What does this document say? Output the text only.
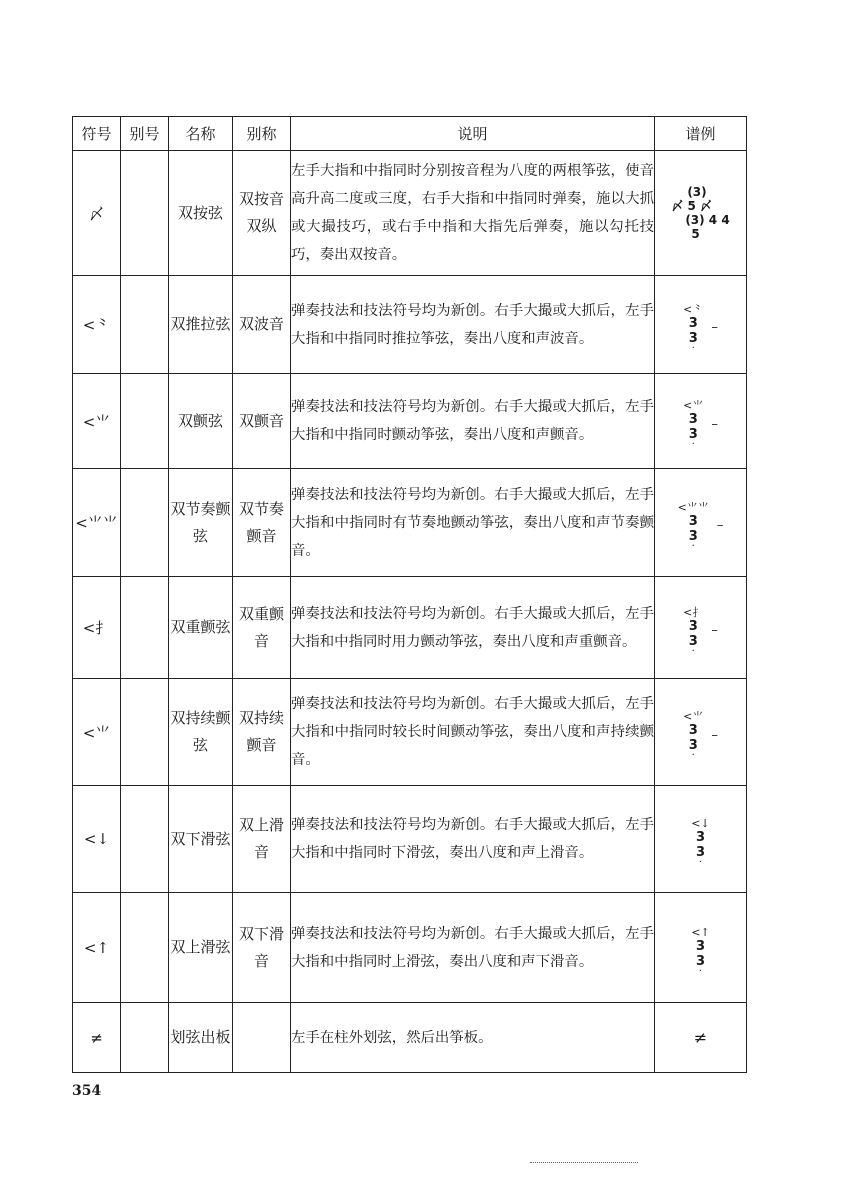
符号	别号	名称	别称	说明	谱例
〆		双按弦	双按音 双纵	左手大指和中指同时分别按音程为八度的两根筝弦，使音高升高二度或三度，右手大指和中指同时弹奏，施以大抓或大撮技巧，或右手中指和大指先后弹奏，施以勾托技巧，奏出双按音。	(3)
〆 5 〆
(3) 4 4
5

<⺀		双推拉弦	双波音	弹奏技法和技法符号均为新创。右手大撮或大抓后，左手大指和中指同时推拉筝弦，奏出八度和声波音。	<⺀
3
3
·
–

<⺌		双颤弦	双颤音	弹奏技法和技法符号均为新创。右手大撮或大抓后，左手大指和中指同时颤动筝弦，奏出八度和声颤音。	<⺌
3
3
·
–

<⺌⺌		双节奏颤弦	双节奏颤音	弹奏技法和技法符号均为新创。右手大撮或大抓后，左手大指和中指同时有节奏地颤动筝弦，奏出八度和声节奏颤音。	<⺌⺌
3
3
·
–

<⺘		双重颤弦	双重颤音	弹奏技法和技法符号均为新创。右手大撮或大抓后，左手大指和中指同时用力颤动筝弦，奏出八度和声重颤音。	<⺘
3
3
·
–

<⺌		双持续颤弦	双持续颤音	弹奏技法和技法符号均为新创。右手大撮或大抓后，左手大指和中指同时较长时间颤动筝弦，奏出八度和声持续颤音。	<⺌
3
3
·
–

<↓		双下滑弦	双上滑音	弹奏技法和技法符号均为新创。右手大撮或大抓后，左手大指和中指同时下滑弦，奏出八度和声上滑音。	<↓
3
3
·

<↑		双上滑弦	双下滑音	弹奏技法和技法符号均为新创。右手大撮或大抓后，左手大指和中指同时上滑弦，奏出八度和声下滑音。	<↑
3
3
·

≠		划弦出板		左手在柱外划弦，然后出筝板。	≠
354
